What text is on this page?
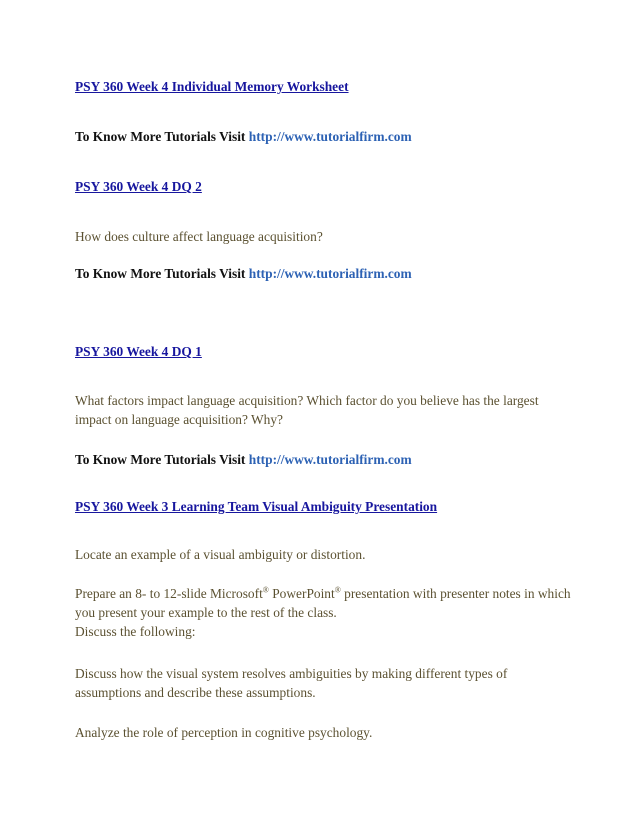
PSY 360 Week 4 Individual Memory Worksheet

To Know More Tutorials Visit http://www.tutorialfirm.com

PSY 360 Week 4 DQ 2

How does culture affect language acquisition?

To Know More Tutorials Visit http://www.tutorialfirm.com

PSY 360 Week 4 DQ 1

What factors impact language acquisition? Which factor do you believe has the largest impact on language acquisition? Why?

To Know More Tutorials Visit http://www.tutorialfirm.com

PSY 360 Week 3 Learning Team Visual Ambiguity Presentation

Locate an example of a visual ambiguity or distortion.

Prepare an 8- to 12-slide Microsoft® PowerPoint® presentation with presenter notes in which you present your example to the rest of the class.

Discuss the following:

Discuss how the visual system resolves ambiguities by making different types of assumptions and describe these assumptions.

Analyze the role of perception in cognitive psychology.
